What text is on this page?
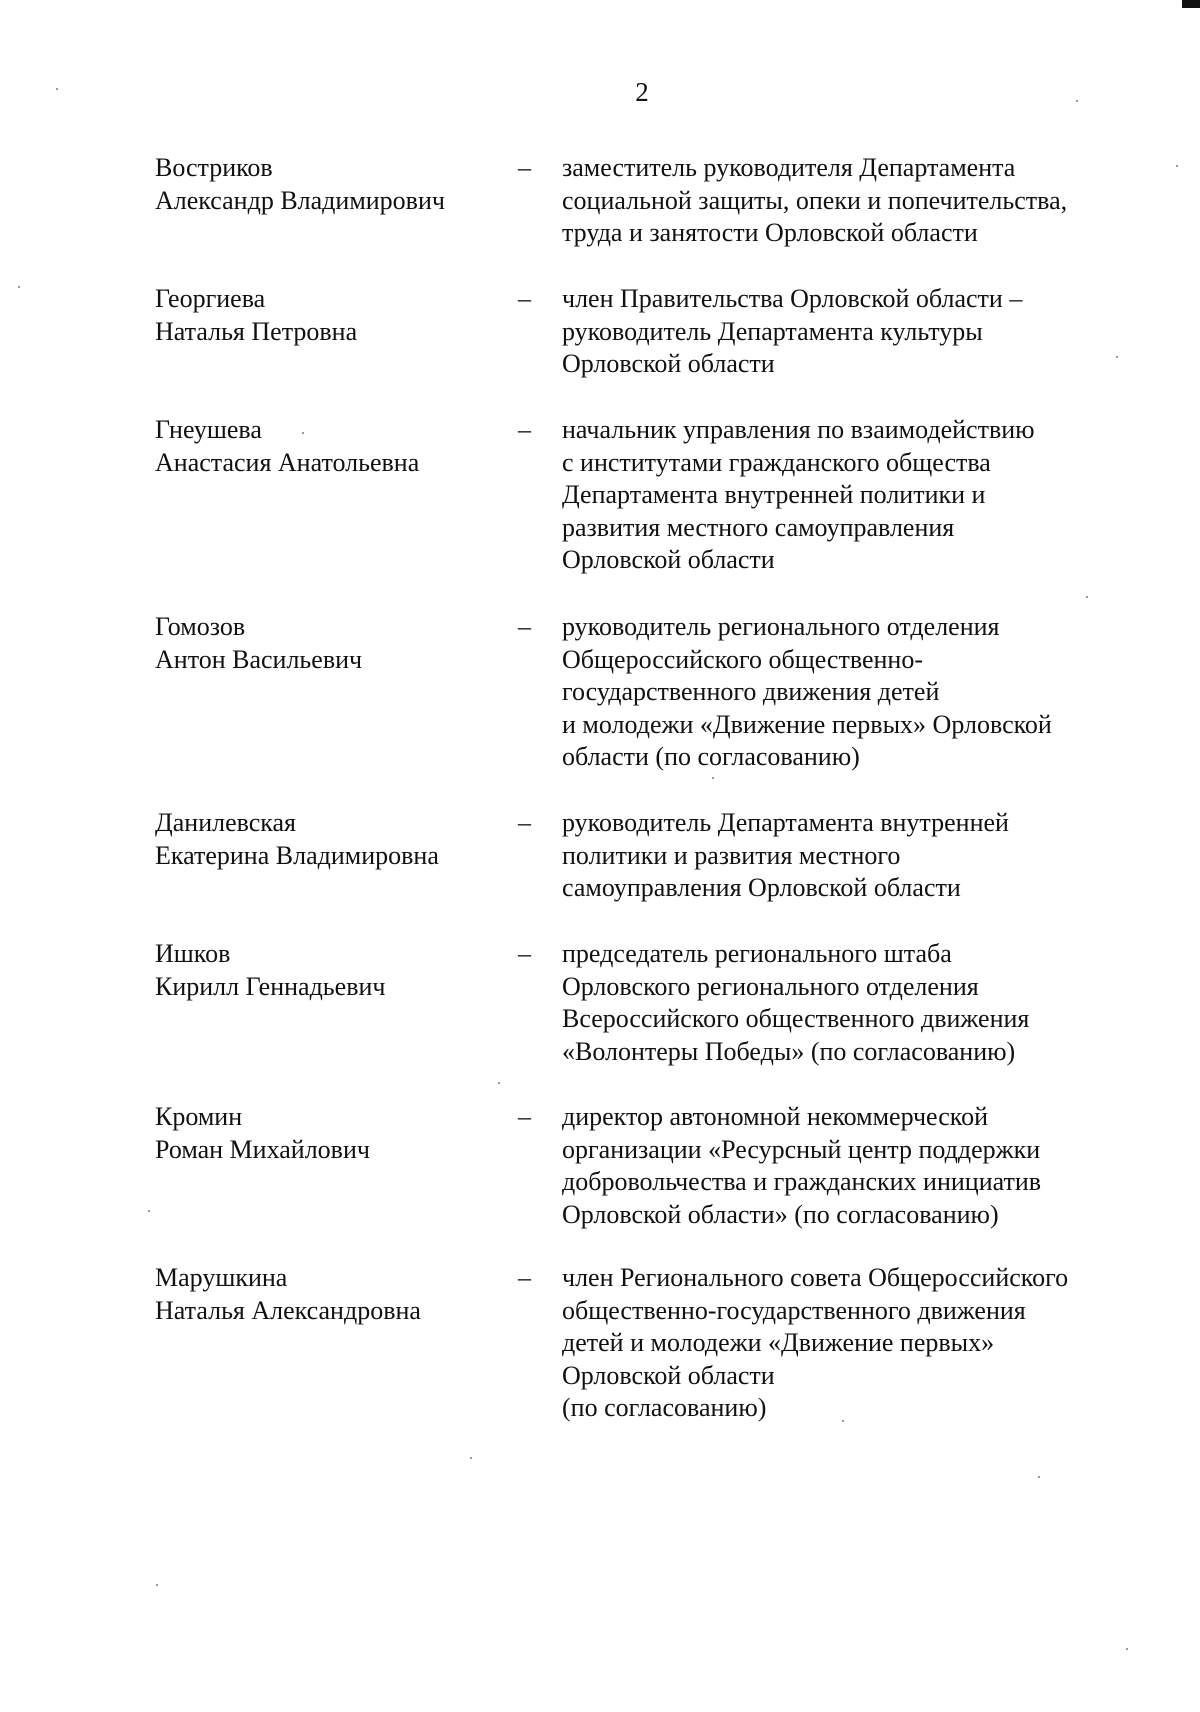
2
Востриков
Александр Владимирович
–	заместитель руководителя Департамента
социальной защиты, опеки и попечительства,
труда и занятости Орловской области
Георгиева
Наталья Петровна
–	член Правительства Орловской области –
руководитель Департамента культуры
Орловской области
Гнеушева
Анастасия Анатольевна
–	начальник управления по взаимодействию
с институтами гражданского общества
Департамента внутренней политики и
развития местного самоуправления
Орловской области
Гомозов
Антон Васильевич
–	руководитель регионального отделения
Общероссийского общественно-
государственного движения детей
и молодежи «Движение первых» Орловской
области (по согласованию)
Данилевская
Екатерина Владимировна
–	руководитель Департамента внутренней
политики и развития местного
самоуправления Орловской области
Ишков
Кирилл Геннадьевич
–	председатель регионального штаба
Орловского регионального отделения
Всероссийского общественного движения
«Волонтеры Победы» (по согласованию)
Кромин
Роман Михайлович
–	директор автономной некоммерческой
организации «Ресурсный центр поддержки
добровольчества и гражданских инициатив
Орловской области» (по согласованию)
Марушкина
Наталья Александровна
–	член Регионального совета Общероссийского
общественно-государственного движения
детей и молодежи «Движение первых»
Орловской области
(по согласованию)
